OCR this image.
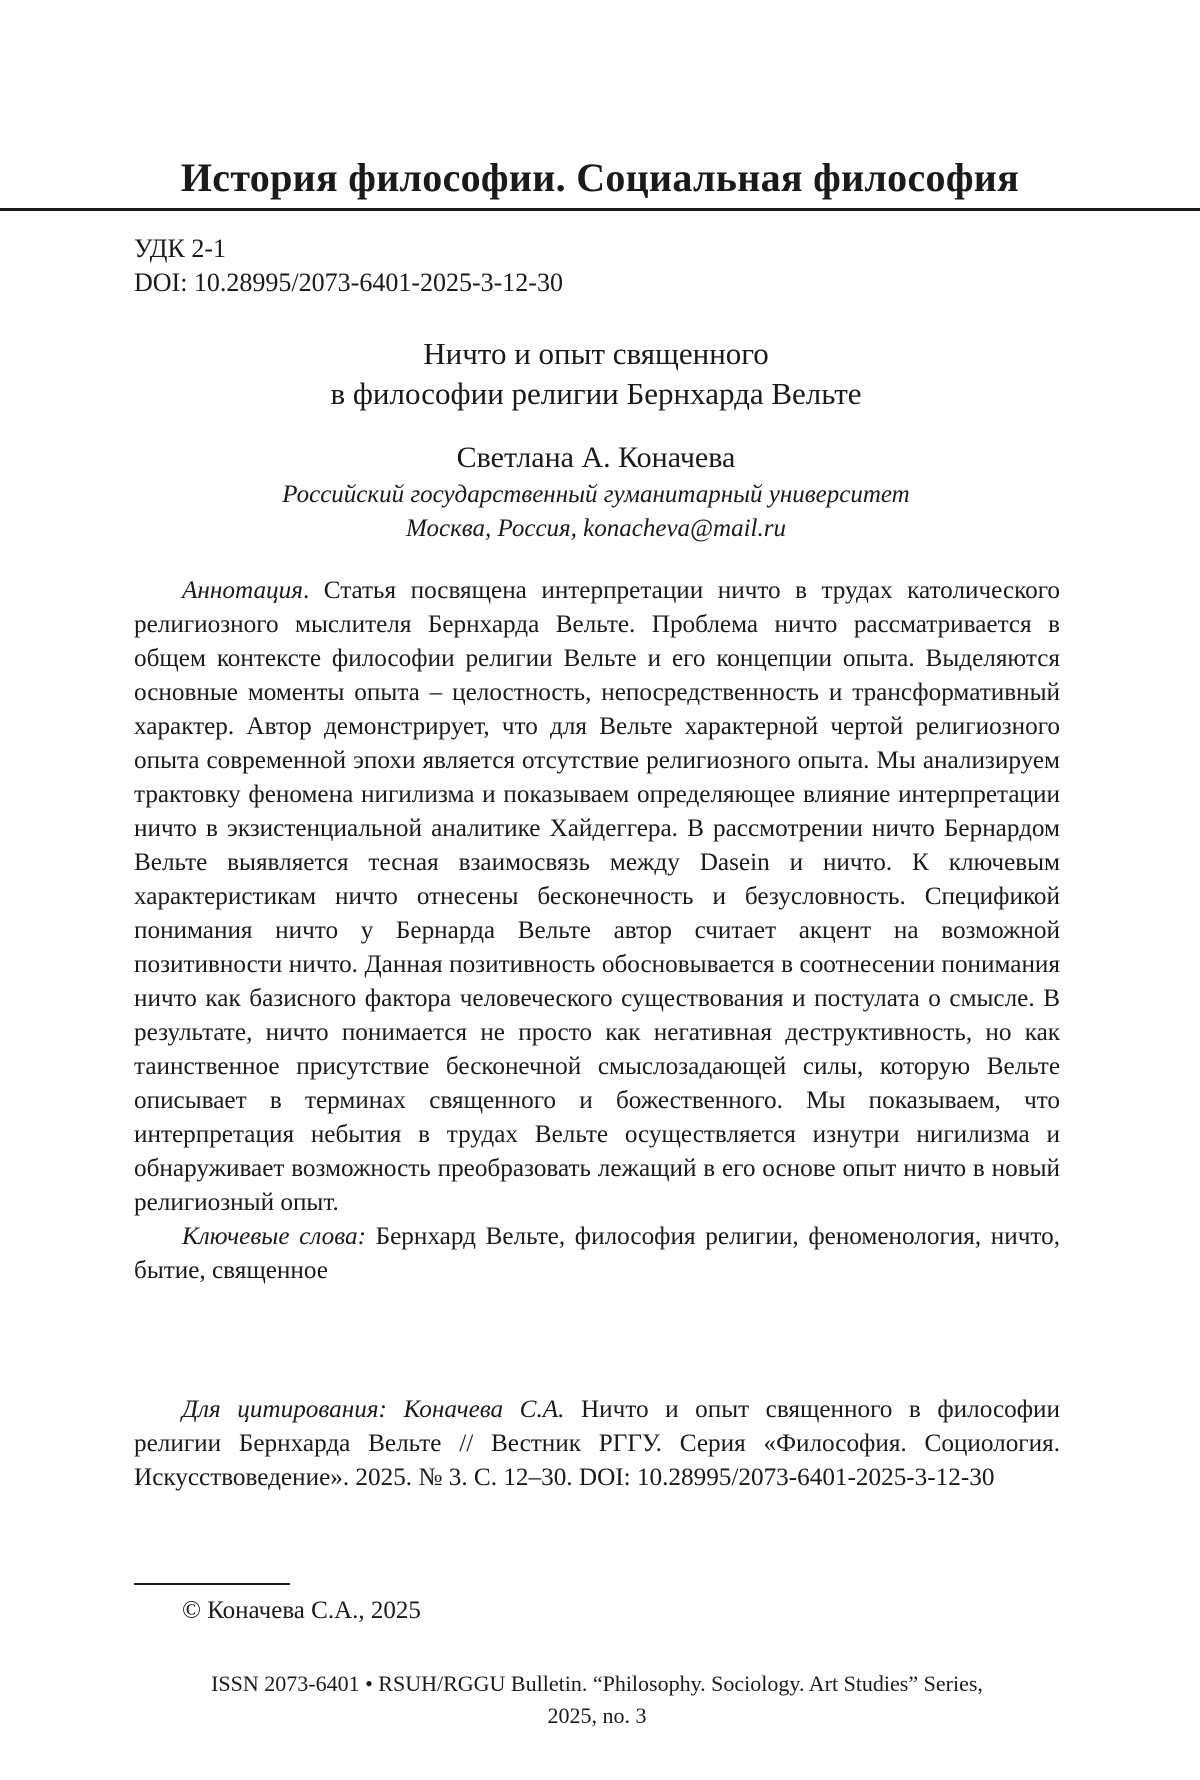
История философии. Социальная философия
УДК 2-1
DOI: 10.28995/2073-6401-2025-3-12-30
Ничто и опыт священного
в философии религии Бернхарда Вельте
Светлана А. Коначева
Российский государственный гуманитарный университет
Москва, Россия, konacheva@mail.ru

Аннотация. Статья посвящена интерпретации ничто в трудах като­лического религиозного мыслителя Бернхарда Вельте. Проблема ничто рассматривается в общем контексте философии религии Вельте и его концепции опыта. Выделяются основные моменты опыта – целостность, непосредственность и трансформативный характер. Автор демонстрирует, что для Вельте характерной чертой религиозного опыта современной эпо­хи является отсутствие религиозного опыта. Мы анализируем трактовку феномена нигилизма и показываем определяющее влияние интерпрета­ции ничто в экзистенциальной аналитике Хайдеггера. В рассмотрении ничто Бернардом Вельте выявляется тесная взаимосвязь между Dasein и ничто. К ключевым характеристикам ничто отнесены бесконечность и безусловность. Спецификой понимания ничто у Бернарда Вельте автор считает акцент на возможной позитивности ничто. Данная позитивность обосновывается в соотнесении понимания ничто как базисного фактора человеческого существования и постулата о смысле. В результате, ничто понимается не просто как негативная деструктивность, но как таинствен­ное присутствие бесконечной смыслозадающей силы, которую Вельте описывает в терминах священного и божественного. Мы показываем, что интерпретация небытия в трудах Вельте осуществляется изнутри ниги­лизма и обнаруживает возможность преобразовать лежащий в его основе опыт ничто в новый религиозный опыт.

Ключевые слова: Бернхард Вельте, философия религии, феноменоло­гия, ничто, бытие, священное

Для цитирования: Коначева С.А. Ничто и опыт священного в фило­софии религии Бернхарда Вельте // Вестник РГГУ. Серия «Философия. Социология. Искусствоведение». 2025. № 3. С. 12–30. DOI: 10.28995/2073-6401-2025-3-12-30

© Коначева С.А., 2025
ISSN 2073-6401 • RSUH/RGGU Bulletin. “Philosophy. Sociology. Art Studies” Series,
2025, no. 3
